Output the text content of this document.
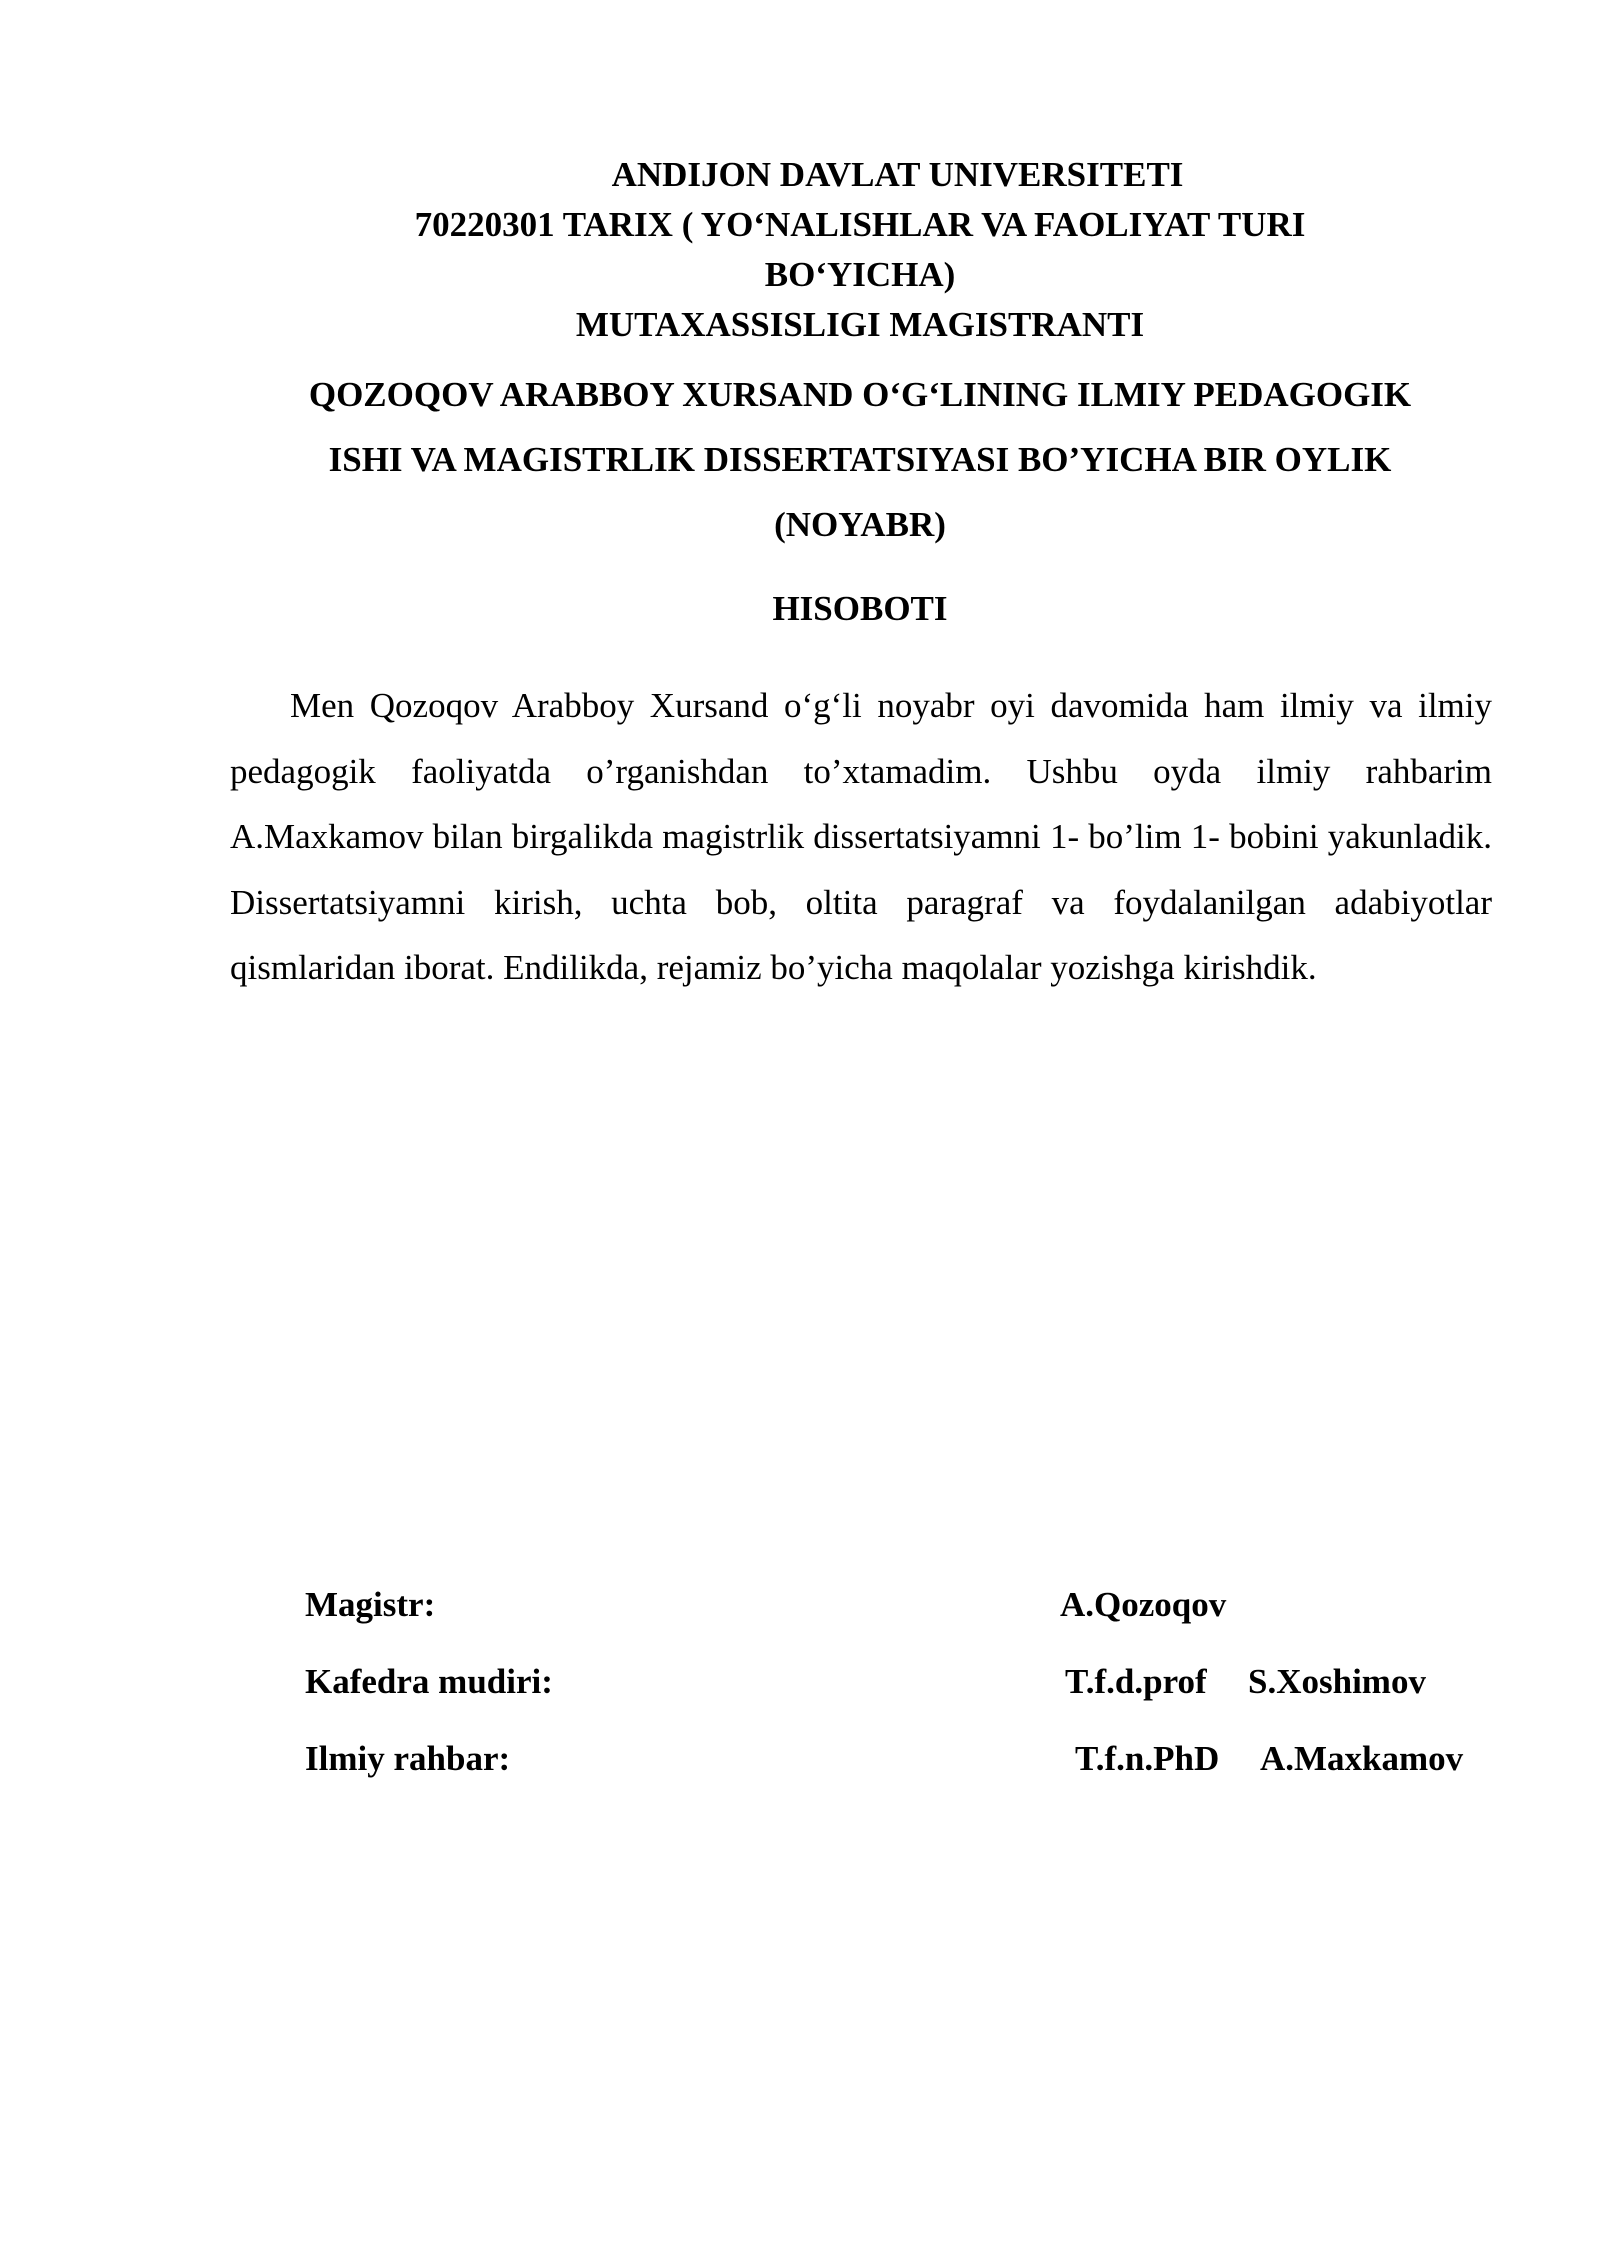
ANDIJON DAVLAT UNIVERSITETI
70220301 TARIX ( YO‘NALISHLAR VA FAOLIYAT TURI
BO‘YICHA)
MUTAXASSISLIGI MAGISTRANTI
QOZOQOV ARABBOY XURSAND O‘G‘LINING ILMIY PEDAGOGIK
ISHI VA MAGISTRLIK DISSERTATSIYASI BO’YICHA BIR OYLIK
(NOYABR)
HISOBOTI
Men Qozoqov Arabboy Xursand o‘g‘li noyabr oyi davomida ham ilmiy va ilmiy pedagogik faoliyatda o’rganishdan to’xtamadim. Ushbu oyda ilmiy rahbarim A.Maxkamov bilan birgalikda magistrlik dissertatsiyamni 1- bo’lim 1- bobini yakunladik. Dissertatsiyamni kirish, uchta bob, oltita paragraf va foydalanilgan adabiyotlar qismlaridan iborat. Endilikda, rejamiz bo’yicha maqolalar yozishga kirishdik.
Magistr:	A.Qozoqov
Kafedra mudiri:	T.f.d.prof S.Xoshimov
Ilmiy rahbar:	T.f.n.PhD A.Maxkamov
